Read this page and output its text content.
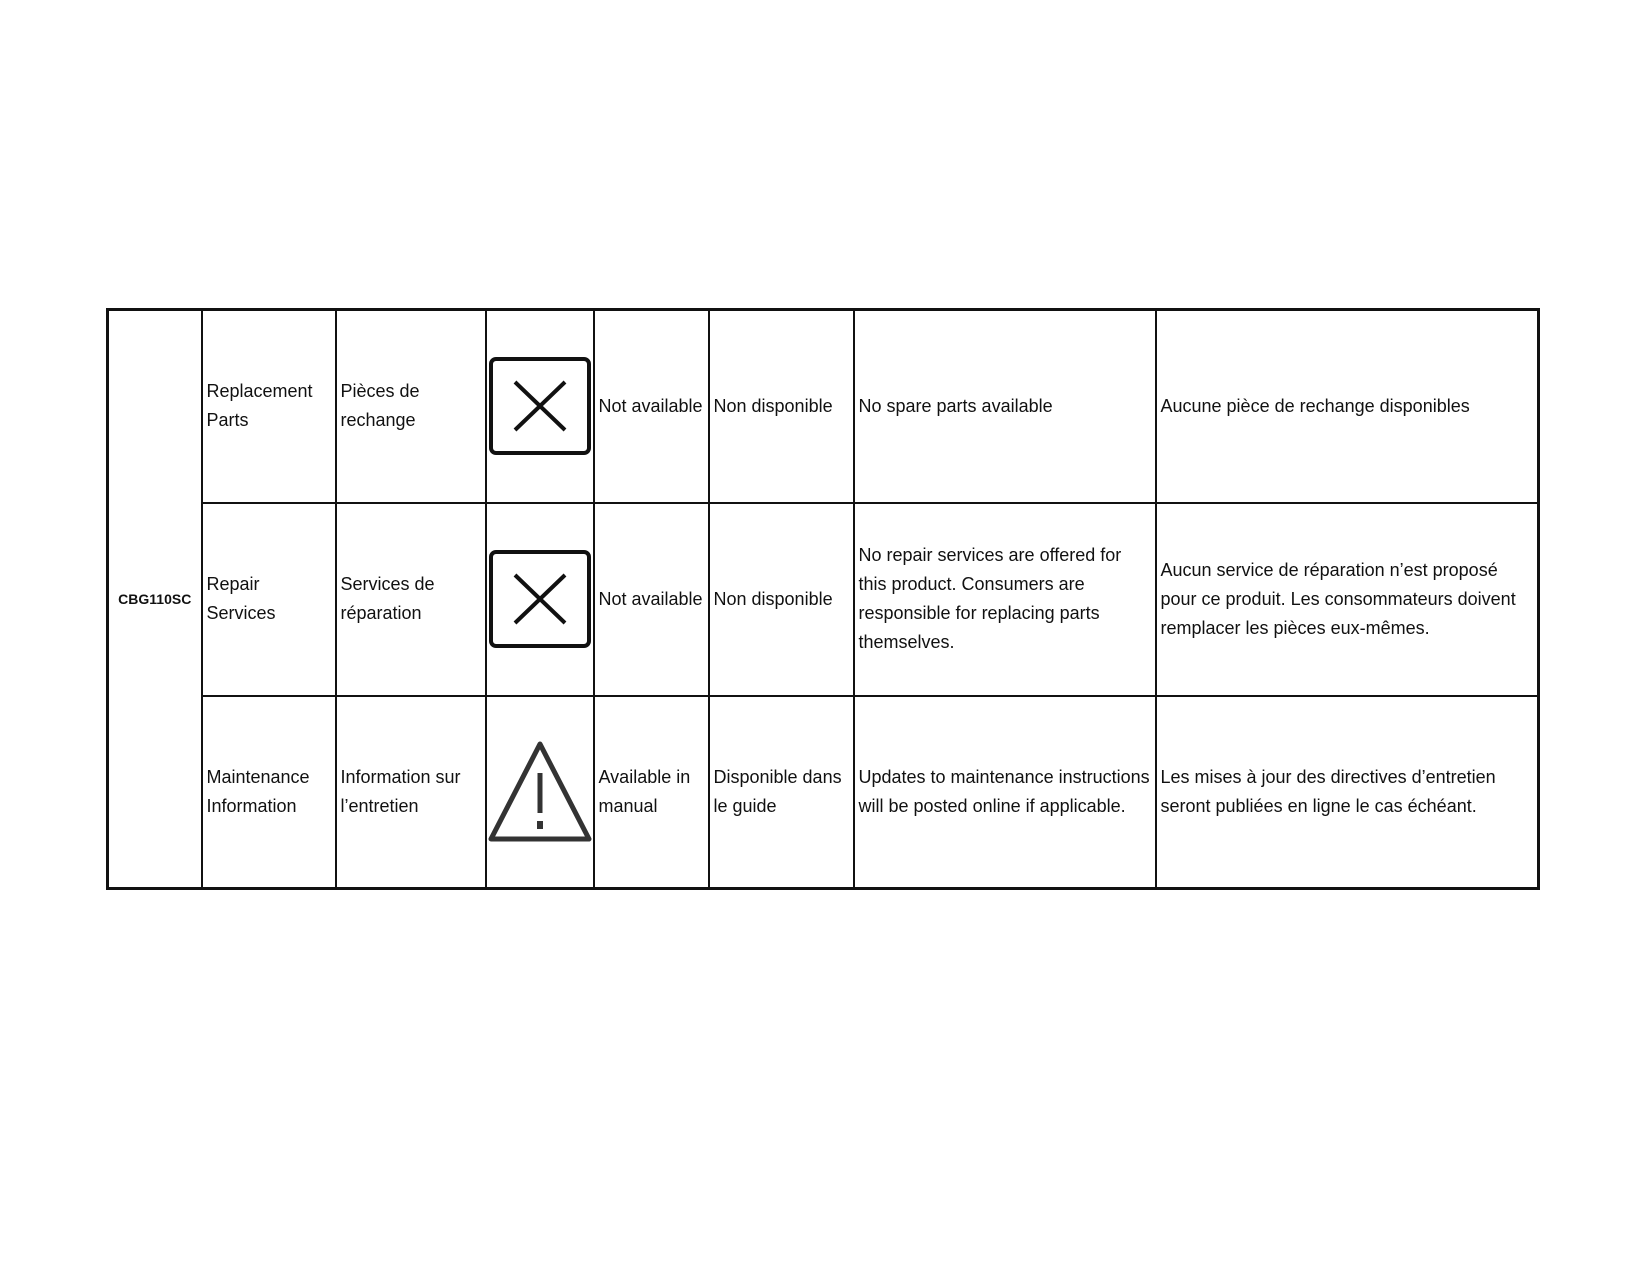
CBG110SC	Replacement Parts	Pièces de rechange		Not available	Non disponible	No spare parts available	Aucune pièce de rechange disponibles
	Repair Services	Services de réparation		Not available	Non disponible	No repair services are offered for this product. Consumers are responsible for replacing parts themselves.	Aucun service de réparation n’est proposé pour ce produit. Les consommateurs doivent remplacer les pièces eux-mêmes.
	Maintenance Information	Information sur l’entretien		Available in manual	Disponible dans le guide	Updates to maintenance instructions will be posted online if applicable.	Les mises à jour des directives d’entretien seront publiées en ligne le cas échéant.
